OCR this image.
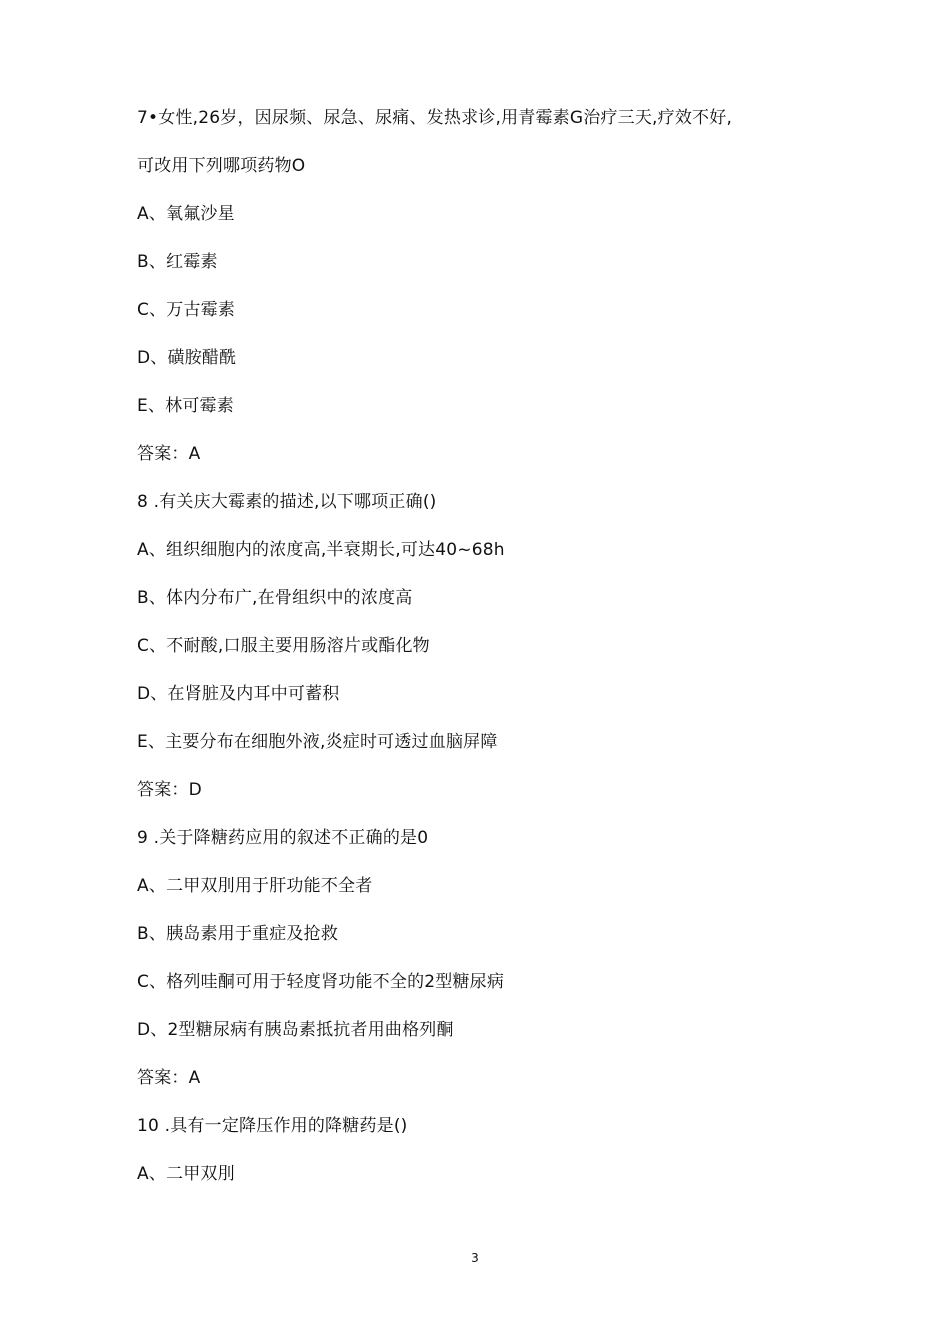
7•女性,26岁，因尿频、尿急、尿痛、发热求诊,用青霉素G治疗三天,疗效不好,
可改用下列哪项药物O
A、氧氟沙星
B、红霉素
C、万古霉素
D、磺胺醋酰
E、林可霉素
答案：A
8 .有关庆大霉素的描述,以下哪项正确()
A、组织细胞内的浓度高,半衰期长,可达40~68h
B、体内分布广,在骨组织中的浓度高
C、不耐酸,口服主要用肠溶片或酯化物
D、在肾脏及内耳中可蓄积
E、主要分布在细胞外液,炎症时可透过血脑屏障
答案：D
9 .关于降糖药应用的叙述不正确的是0
A、二甲双刖用于肝功能不全者
B、胰岛素用于重症及抢救
C、格列哇酮可用于轻度肾功能不全的2型糖尿病
D、2型糖尿病有胰岛素抵抗者用曲格列酮
答案：A
10 .具有一定降压作用的降糖药是()
A、二甲双刖
3
